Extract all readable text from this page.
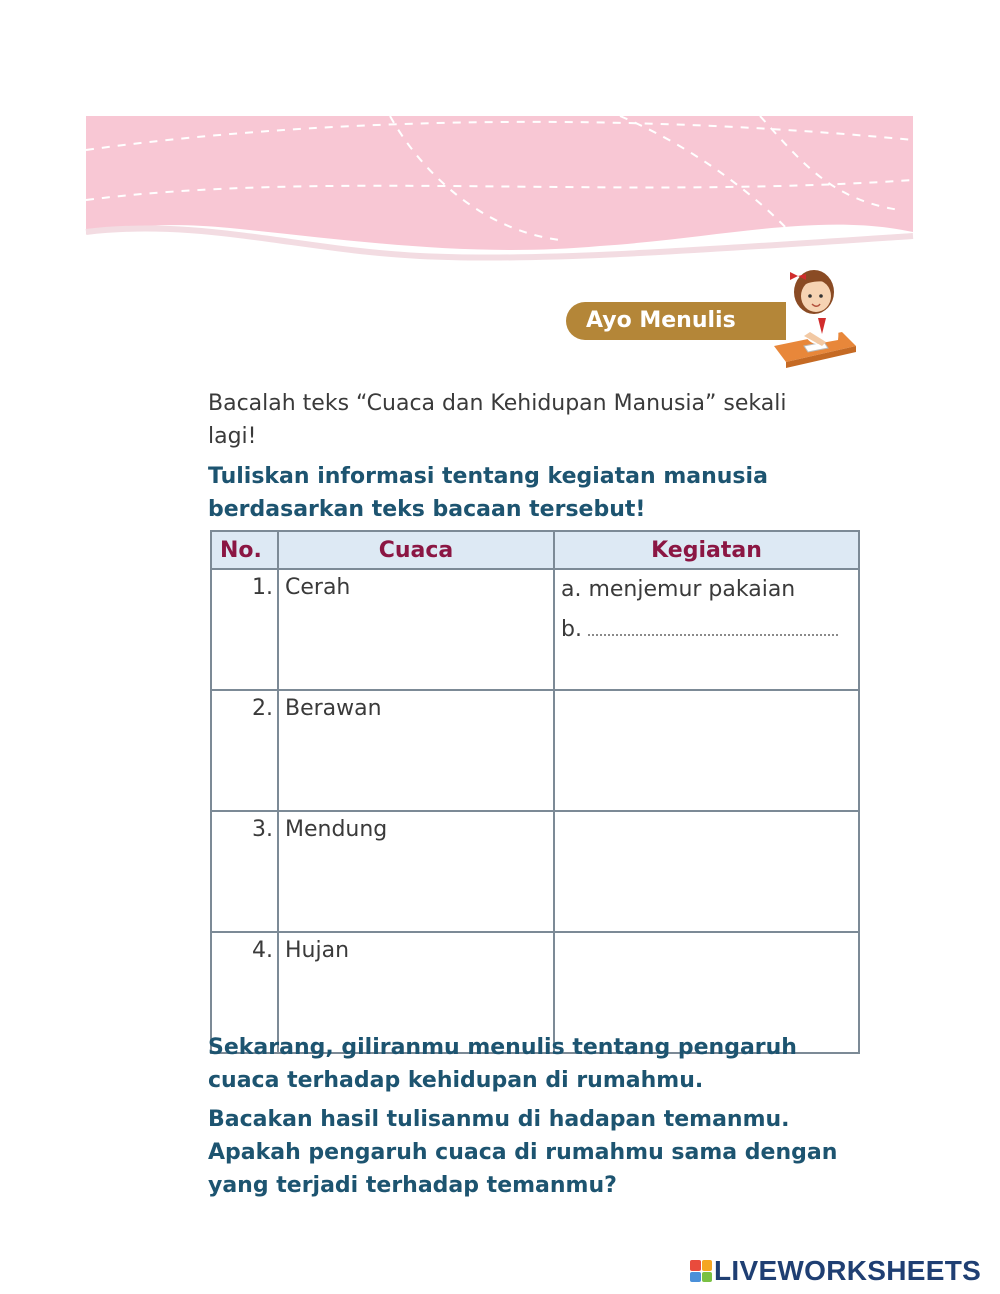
Ayo Menulis
Bacalah teks “Cuaca dan Kehidupan Manusia” sekali lagi!
Tuliskan informasi tentang kegiatan manusia berdasarkan teks bacaan tersebut!
No.	Cuaca	Kegiatan
1.	Cerah	a. menjemur pakaian
b.

2.	Berawan	
3.	Mendung	
4.	Hujan	
Sekarang, giliranmu menulis tentang pengaruh cuaca terhadap kehidupan di rumahmu.
Bacakan hasil tulisanmu di hadapan temanmu. Apakah pengaruh cuaca di rumahmu sama dengan yang terjadi terhadap temanmu?
LIVEWORKSHEETS
